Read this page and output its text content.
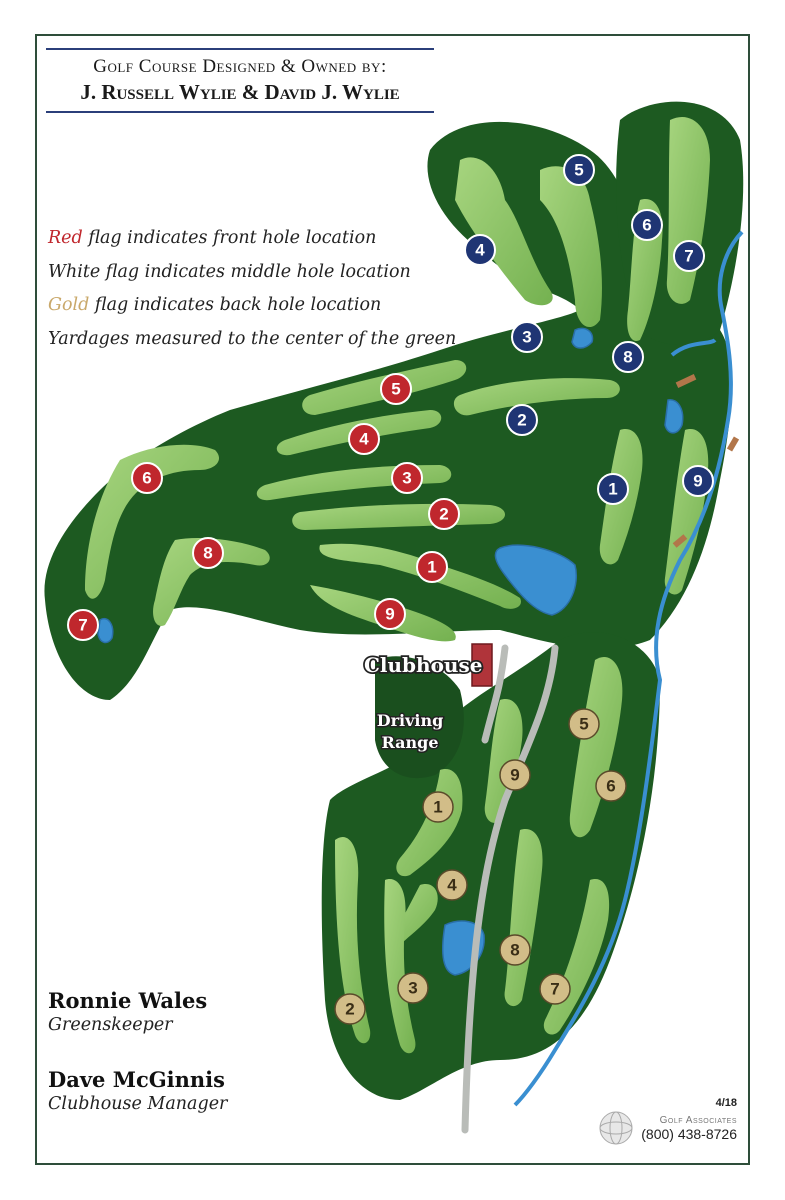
Clubhouse
Driving
Range
1
2
3
4
5
6
7
8
9
1
2
3
4
5
6
7
8
9
1
2
3
4
5
6
7
8
9
Golf Course Designed & Owned by:
J. Russell Wylie & David J. Wylie
Red flag indicates front hole location
White flag indicates middle hole location
Gold flag indicates back hole location
Yardages measured to the center of the green
Ronnie Wales
Greenskeeper
Dave McGinnis
Clubhouse Manager	4/18
Golf Associates
(800) 438-8726
